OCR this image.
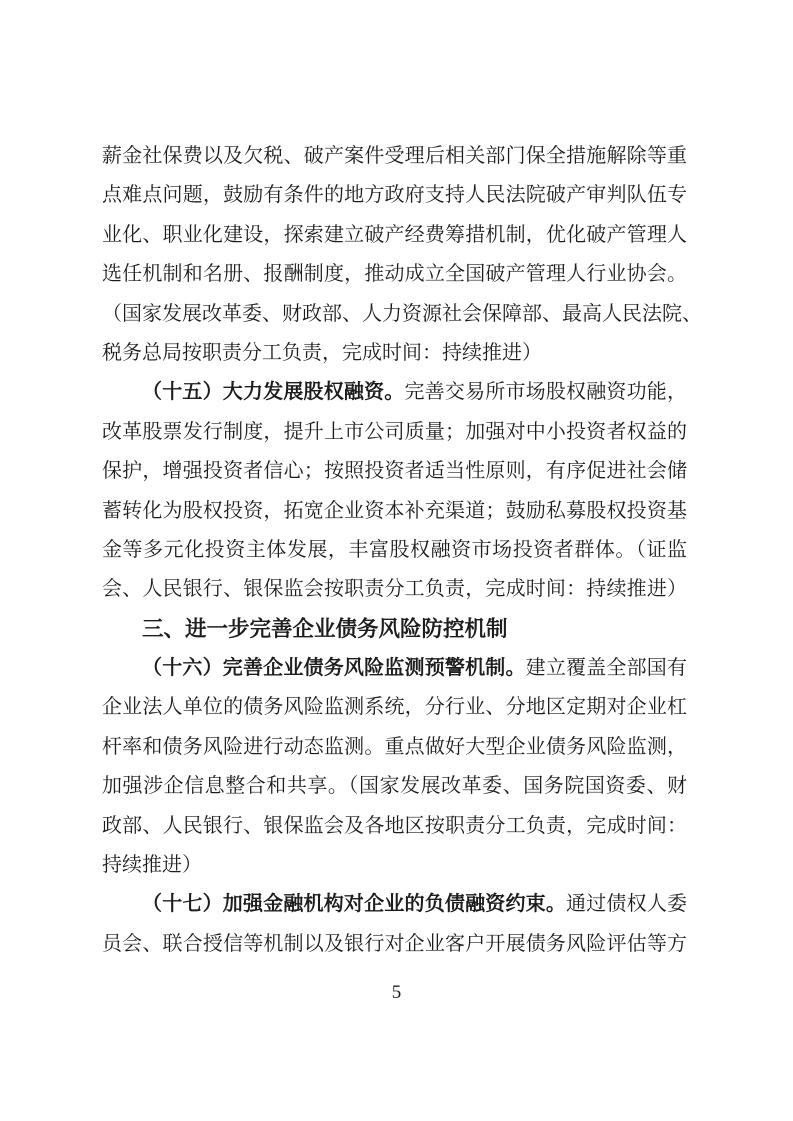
薪金社保费以及欠税、破产案件受理后相关部门保全措施解除等重
点难点问题，鼓励有条件的地方政府支持人民法院破产审判队伍专
业化、职业化建设，探索建立破产经费筹措机制，优化破产管理人
选任机制和名册、报酬制度，推动成立全国破产管理人行业协会。
（国家发展改革委、财政部、人力资源社会保障部、最高人民法院、
税务总局按职责分工负责，完成时间：持续推进）
（十五）大力发展股权融资。完善交易所市场股权融资功能，
改革股票发行制度，提升上市公司质量；加强对中小投资者权益的
保护，增强投资者信心；按照投资者适当性原则，有序促进社会储
蓄转化为股权投资，拓宽企业资本补充渠道；鼓励私募股权投资基
金等多元化投资主体发展，丰富股权融资市场投资者群体。（证监
会、人民银行、银保监会按职责分工负责，完成时间：持续推进）
三、进一步完善企业债务风险防控机制
（十六）完善企业债务风险监测预警机制。建立覆盖全部国有
企业法人单位的债务风险监测系统，分行业、分地区定期对企业杠
杆率和债务风险进行动态监测。重点做好大型企业债务风险监测，
加强涉企信息整合和共享。（国家发展改革委、国务院国资委、财
政部、人民银行、银保监会及各地区按职责分工负责，完成时间：
持续推进）
（十七）加强金融机构对企业的负债融资约束。通过债权人委
员会、联合授信等机制以及银行对企业客户开展债务风险评估等方
5
